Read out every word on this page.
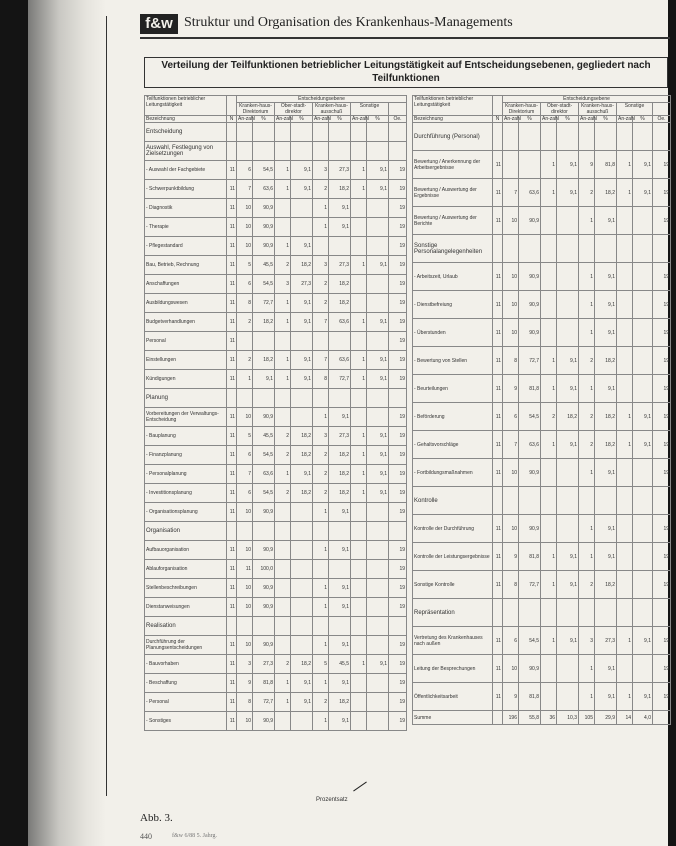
f&w Struktur und Organisation des Krankenhaus-Managements
Verteilung der Teilfunktionen betrieblicher Leitungstätigkeit auf Entscheidungsebenen, gegliedert nach Teilfunktionen
Teilfunktionen betrieblicher Leitungstätigkeit		Entscheidungsebene								
		Kranken-haus-Direktorium		Ober-stadt-direktor		Kranken-haus-ausschuß		Sonstige		
Bezeichnung	N	An-zahl	%	An-zahl	%	An-zahl	%	An-zahl	%	Oe.
Entscheidung										
Auswahl, Festlegung von Zielsetzungen										
- Auswahl der Fachgebiete	11	6	54,5	1	9,1	3	27,3	1	9,1	19
- Schwerpunktbildung	11	7	63,6	1	9,1	2	18,2	1	9,1	19
- Diagnostik	11	10	90,9			1	9,1			19
- Therapie	11	10	90,9			1	9,1			19
- Pflegestandard	11	10	90,9	1	9,1					19
Bau, Betrieb, Rechnung	11	5	45,5	2	18,2	3	27,3	1	9,1	19
Anschaffungen	11	6	54,5	3	27,3	2	18,2			19
Ausbildungswesen	11	8	72,7	1	9,1	2	18,2			19
Budgetverhandlungen	11	2	18,2	1	9,1	7	63,6	1	9,1	19
Personal	11									19
Einstellungen	11	2	18,2	1	9,1	7	63,6	1	9,1	19
Kündigungen	11	1	9,1	1	9,1	8	72,7	1	9,1	19
Planung										
Vorbereitungen der Verwaltungs-Entscheidung	11	10	90,9			1	9,1			19
- Bauplanung	11	5	45,5	2	18,2	3	27,3	1	9,1	19
- Finanzplanung	11	6	54,5	2	18,2	2	18,2	1	9,1	19
- Personalplanung	11	7	63,6	1	9,1	2	18,2	1	9,1	19
- Investitionsplanung	11	6	54,5	2	18,2	2	18,2	1	9,1	19
- Organisationsplanung	11	10	90,9			1	9,1			19
Organisation										
Aufbauorganisation	11	10	90,9			1	9,1			19
Ablauforganisation	11	11	100,0							19
Stellenbeschreibungen	11	10	90,9			1	9,1			19
Dienstanweisungen	11	10	90,9			1	9,1			19
Realisation										
Durchführung der Planungsentscheidungen	11	10	90,9			1	9,1			19
- Bauvorhaben	11	3	27,3	2	18,2	5	45,5	1	9,1	19
- Beschaffung	11	9	81,8	1	9,1	1	9,1			19
- Personal	11	8	72,7	1	9,1	2	18,2			19
- Sonstiges	11	10	90,9			1	9,1			19
Teilfunktionen betrieblicher Leitungstätigkeit		Entscheidungsebene								
		Kranken-haus-Direktorium		Ober-stadt-direktor		Kranken-haus-ausschuß		Sonstige		
Bezeichnung	N	An-zahl	%	An-zahl	%	An-zahl	%	An-zahl	%	Oe.
Durchführung (Personal)										
Bewertung / Anerkennung der Arbeitsergebnisse	11			1	9,1	9	81,8	1	9,1	19
Bewertung / Auswertung der Ergebnisse	11	7	63,6	1	9,1	2	18,2	1	9,1	19
Bewertung / Auswertung der Berichte	11	10	90,9			1	9,1			19
Sonstige Personalangelegenheiten										
- Arbeitszeit, Urlaub	11	10	90,9			1	9,1			19
- Dienstbefreiung	11	10	90,9			1	9,1			19
- Überstunden	11	10	90,9			1	9,1			19
- Bewertung von Stellen	11	8	72,7	1	9,1	2	18,2			19
- Beurteilungen	11	9	81,8	1	9,1	1	9,1			19
- Beförderung	11	6	54,5	2	18,2	2	18,2	1	9,1	19
- Gehaltsvorschläge	11	7	63,6	1	9,1	2	18,2	1	9,1	19
- Fortbildungsmaßnahmen	11	10	90,9			1	9,1			19
Kontrolle										
Kontrolle der Durchführung	11	10	90,9			1	9,1			19
Kontrolle der Leistungsergebnisse	11	9	81,8	1	9,1	1	9,1			19
Sonstige Kontrolle	11	8	72,7	1	9,1	2	18,2			19
Repräsentation										
Vertretung des Krankenhauses nach außen	11	6	54,5	1	9,1	3	27,3	1	9,1	19
Leitung der Besprechungen	11	10	90,9			1	9,1			19
Öffentlichkeitsarbeit	11	9	81,8			1	9,1	1	9,1	19
Summe		196	55,8	36	10,3	105	29,9	14	4,0	
Prozentsatz
Abb. 3.
440	f&w 6/88 5. Jahrg.
